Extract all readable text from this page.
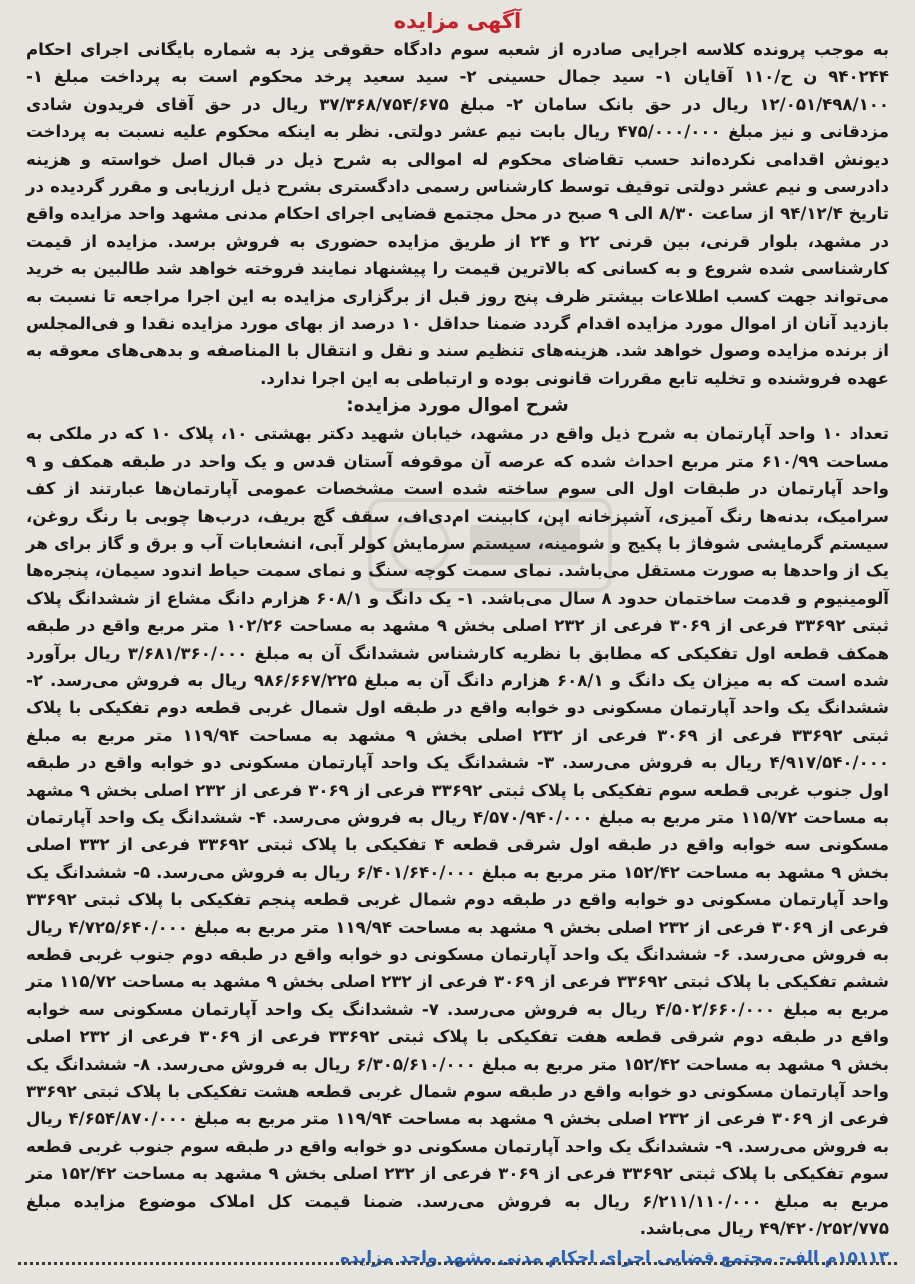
آگهی مزایده

به موجب پرونده کلاسه اجرایی صادره از شعبه سوم دادگاه حقوقی یزد به شماره بایگانی اجرای احکام ۹۴۰۲۴۴ ن ح/۱۱۰ آقایان ۱- سید جمال حسینی ۲- سید سعید پرخد محکوم است به پرداخت مبلغ ۱- ۱۲/۰۵۱/۴۹۸/۱۰۰ ریال در حق بانک سامان ۲- مبلغ ۳۷/۳۶۸/۷۵۴/۶۷۵ ریال در حق آقای فریدون شادی مزدقانی و نیز مبلغ ۴۷۵/۰۰۰/۰۰۰ ریال بابت نیم عشر دولتی. نظر به اینکه محکوم علیه نسبت به پرداخت دیونش اقدامی نکرده‌اند حسب تقاضای محکوم له اموالی به شرح ذیل در قبال اصل خواسته و هزینه دادرسی و نیم عشر دولتی توقیف توسط کارشناس رسمی دادگستری بشرح ذیل ارزیابی و مقرر گردیده در تاریخ ۹۴/۱۲/۴ از ساعت ۸/۳۰ الی ۹ صبح در محل مجتمع قضایی اجرای احکام مدنی مشهد واحد مزایده واقع در مشهد، بلوار قرنی، بین قرنی ۲۲ و ۲۴ از طریق مزایده حضوری به فروش برسد. مزایده از قیمت کارشناسی شده شروع و به کسانی که بالاترین قیمت را پیشنهاد نمایند فروخته خواهد شد طالبین به خرید می‌تواند جهت کسب اطلاعات بیشتر ظرف پنج روز قبل از برگزاری مزایده به این اجرا مراجعه تا نسبت به بازدید آنان از اموال مورد مزایده اقدام گردد ضمنا حداقل ۱۰ درصد از بهای مورد مزایده نقدا و فی‌المجلس از برنده مزایده وصول خواهد شد. هزینه‌های تنظیم سند و نقل و انتقال با المناصفه و بدهی‌های معوقه به عهده فروشنده و تخلیه تابع مقررات قانونی بوده و ارتباطی به این اجرا ندارد.

شرح اموال مورد مزایده:

تعداد ۱۰ واحد آپارتمان به شرح ذیل واقع در مشهد، خیابان شهید دکتر بهشتی ۱۰، پلاک ۱۰ که در ملکی به مساحت ۶۱۰/۹۹ متر مربع احداث شده که عرصه آن موقوفه آستان قدس و یک واحد در طبقه همکف و ۹ واحد آپارتمان در طبقات اول الی سوم ساخته شده است مشخصات عمومی آپارتمان‌ها عبارتند از کف سرامیک، بدنه‌ها رنگ آمیزی، آشپزخانه اپن، کابینت ام‌دی‌اف، سقف گچ بریف، درب‌ها چوبی با رنگ روغن، سیستم گرمایشی شوفاژ با پکیج و شومینه، سیستم سرمایش کولر آبی، انشعابات آب و برق و گاز برای هر یک از واحدها به صورت مستقل می‌باشد. نمای سمت کوچه سنگ و نمای سمت حیاط اندود سیمان، پنجره‌ها آلومینیوم و قدمت ساختمان حدود ۸ سال می‌باشد. ۱- یک دانگ و ۶۰۸/۱ هزارم دانگ مشاع از ششدانگ پلاک ثبتی ۳۳۶۹۲ فرعی از ۳۰۶۹ فرعی از ۲۳۲ اصلی بخش ۹ مشهد به مساحت ۱۰۲/۲۶ متر مربع واقع در طبقه همکف قطعه اول تفکیکی که مطابق با نظریه کارشناس ششدانگ آن به مبلغ ۳/۶۸۱/۳۶۰/۰۰۰ ریال برآورد شده است که به میزان یک دانگ و ۶۰۸/۱ هزارم دانگ آن به مبلغ ۹۸۶/۶۶۷/۲۲۵ ریال به فروش می‌رسد. ۲- ششدانگ یک واحد آپارتمان مسکونی دو خوابه واقع در طبقه اول شمال غربی قطعه دوم تفکیکی با پلاک ثبتی ۳۳۶۹۲ فرعی از ۳۰۶۹ فرعی از ۲۳۲ اصلی بخش ۹ مشهد به مساحت ۱۱۹/۹۴ متر مربع به مبلغ ۴/۹۱۷/۵۴۰/۰۰۰ ریال به فروش می‌رسد. ۳- ششدانگ یک واحد آپارتمان مسکونی دو خوابه واقع در طبقه اول جنوب غربی قطعه سوم تفکیکی با پلاک ثبتی ۳۳۶۹۲ فرعی از ۳۰۶۹ فرعی از ۲۳۲ اصلی بخش ۹ مشهد به مساحت ۱۱۵/۷۲ متر مربع به مبلغ ۴/۵۷۰/۹۴۰/۰۰۰ ریال به فروش می‌رسد. ۴- ششدانگ یک واحد آپارتمان مسکونی سه خوابه واقع در طبقه اول شرقی قطعه ۴ تفکیکی با پلاک ثبتی ۳۳۶۹۲ فرعی از ۳۳۲ اصلی بخش ۹ مشهد به مساحت ۱۵۲/۴۲ متر مربع به مبلغ ۶/۴۰۱/۶۴۰/۰۰۰ ریال به فروش می‌رسد. ۵- ششدانگ یک واحد آپارتمان مسکونی دو خوابه واقع در طبقه دوم شمال غربی قطعه پنجم تفکیکی با پلاک ثبتی ۳۳۶۹۲ فرعی از ۳۰۶۹ فرعی از ۲۳۲ اصلی بخش ۹ مشهد به مساحت ۱۱۹/۹۴ متر مربع به مبلغ ۴/۷۲۵/۶۴۰/۰۰۰ ریال به فروش می‌رسد. ۶- ششدانگ یک واحد آپارتمان مسکونی دو خوابه واقع در طبقه دوم جنوب غربی قطعه ششم تفکیکی با پلاک ثبتی ۳۳۶۹۲ فرعی از ۳۰۶۹ فرعی از ۲۳۲ اصلی بخش ۹ مشهد به مساحت ۱۱۵/۷۲ متر مربع به مبلغ ۴/۵۰۲/۶۶۰/۰۰۰ ریال به فروش می‌رسد. ۷- ششدانگ یک واحد آپارتمان مسکونی سه خوابه واقع در طبقه دوم شرقی قطعه هفت تفکیکی با پلاک ثبتی ۳۳۶۹۲ فرعی از ۳۰۶۹ فرعی از ۲۳۲ اصلی بخش ۹ مشهد به مساحت ۱۵۲/۴۲ متر مربع به مبلغ ۶/۳۰۵/۶۱۰/۰۰۰ ریال به فروش می‌رسد. ۸- ششدانگ یک واحد آپارتمان مسکونی دو خوابه واقع در طبقه سوم شمال غربی قطعه هشت تفکیکی با پلاک ثبتی ۳۳۶۹۲ فرعی از ۳۰۶۹ فرعی از ۲۳۲ اصلی بخش ۹ مشهد به مساحت ۱۱۹/۹۴ متر مربع به مبلغ ۴/۶۵۴/۸۷۰/۰۰۰ ریال به فروش می‌رسد. ۹- ششدانگ یک واحد آپارتمان مسکونی دو خوابه واقع در طبقه سوم جنوب غربی قطعه سوم تفکیکی با پلاک ثبتی ۳۳۶۹۲ فرعی از ۳۰۶۹ فرعی از ۲۳۲ اصلی بخش ۹ مشهد به مساحت ۱۵۲/۴۲ متر مربع به مبلغ ۶/۲۱۱/۱۱۰/۰۰۰ ریال به فروش می‌رسد. ضمنا قیمت کل املاک موضوع مزایده مبلغ ۴۹/۴۲۰/۲۵۲/۷۷۵ ریال می‌باشد.

۱۵۱۱۳م الف- مجتمع قضایی اجرای احکام مدنی مشهد واحد مزایده
